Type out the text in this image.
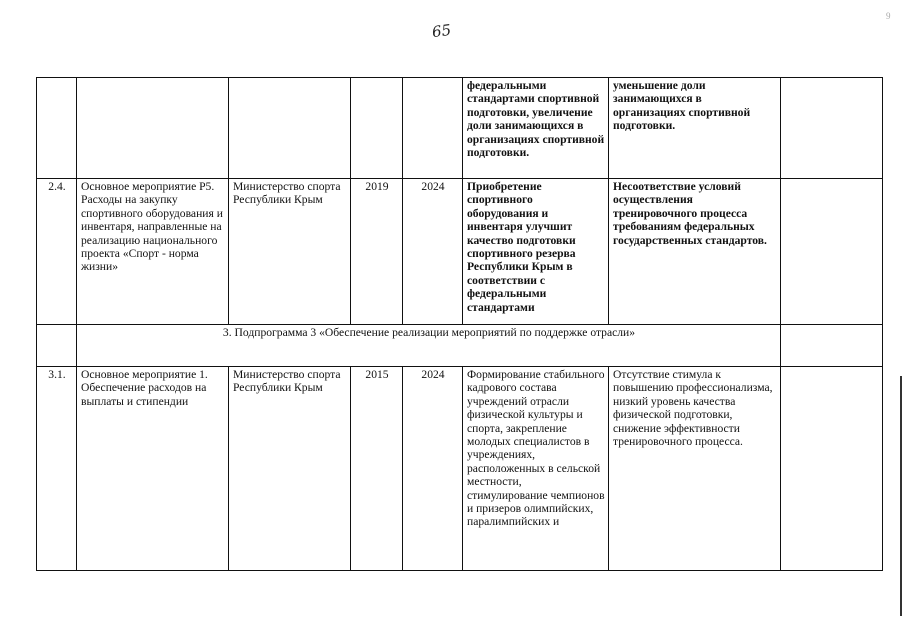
65
9
					федеральными стандартами спортивной подготовки, увеличение доли занимающихся в организациях спортивной подготовки.	уменьшение доли занимающихся в организациях спортивной подготовки.	
2.4.	Основное мероприятие Р5. Расходы на закупку спортивного оборудования и инвентаря, направленные на реализацию национального проекта «Спорт - норма жизни»	Министерство спорта Республики Крым	2019	2024	Приобретение спортивного оборудования и инвентаря улучшит качество подготовки спортивного резерва Республики Крым в соответствии с федеральными стандартами	Несоответствие условий осуществления тренировочного процесса требованиям федеральных государственных стандартов.	
	3. Подпрограмма 3 «Обеспечение реализации мероприятий по поддержке отрасли»						
3.1.	Основное мероприятие 1. Обеспечение расходов на выплаты и стипендии	Министерство спорта Республики Крым	2015	2024	Формирование стабильного кадрового состава учреждений отрасли физической культуры и спорта, закрепление молодых специалистов в учреждениях, расположенных в сельской местности, стимулирование чемпионов и призеров олимпийских, паралимпийских и	Отсутствие стимула к повышению профессионализма, низкий уровень качества физической подготовки, снижение эффективности тренировочного процесса.	
